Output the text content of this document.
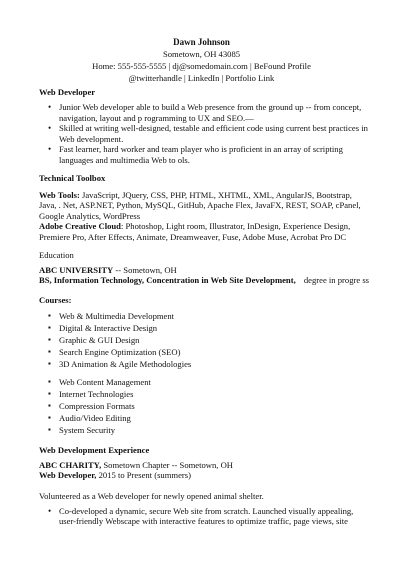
Dawn Johnson
Sometown, OH 43085
Home: 555-555-5555 | dj@somedomain.com | BeFound Profile
@twitterhandle | LinkedIn | Portfolio Link
Web Developer
• Junior Web developer able to build a Web presence from the ground up -- from concept, navigation, layout and p rogramming to UX and SEO.—
• Skilled at writing well-designed, testable and efficient code using current best practices in Web development.
• Fast learner, hard worker and team player who is proficient in an array of scripting languages and multimedia Web to ols.
Technical Toolbox

Web Tools: JavaScript, JQuery, CSS, PHP, HTML, XHTML, XML, AngularJS, Bootstrap, Java, . Net, ASP.NET, Python, MySQL, GitHub, Apache Flex, JavaFX, REST, SOAP, cPanel, Google Analytics, WordPress

Adobe Creative Cloud: Photoshop, Light room, Illustrator, InDesign, Experience Design, Premiere Pro, After Effects, Animate, Dreamweaver, Fuse, Adobe Muse, Acrobat Pro DC

Education
ABC UNIVERSITY -- Sometown, OH
BS, Information Technology, Concentration in Web Site Development, degree in progre ss
Courses:
▪ Web & Multimedia Development
▪ Digital & Interactive Design
▪ Graphic & GUI Design
▪ Search Engine Optimization (SEO)
▪ 3D Animation & Agile Methodologies
▪ Web Content Management
▪ Internet Technologies
▪ Compression Formats
▪ Audio/Video Editing
▪ System Security
Web Development Experience
ABC CHARITY, Sometown Chapter -- Sometown, OH
Web Developer, 2015 to Present (summers)
Volunteered as a Web developer for newly opened animal shelter.
• Co-developed a dynamic, secure Web site from scratch. Launched visually appealing, user-friendly Webscape with interactive features to optimize traffic, page views, site
